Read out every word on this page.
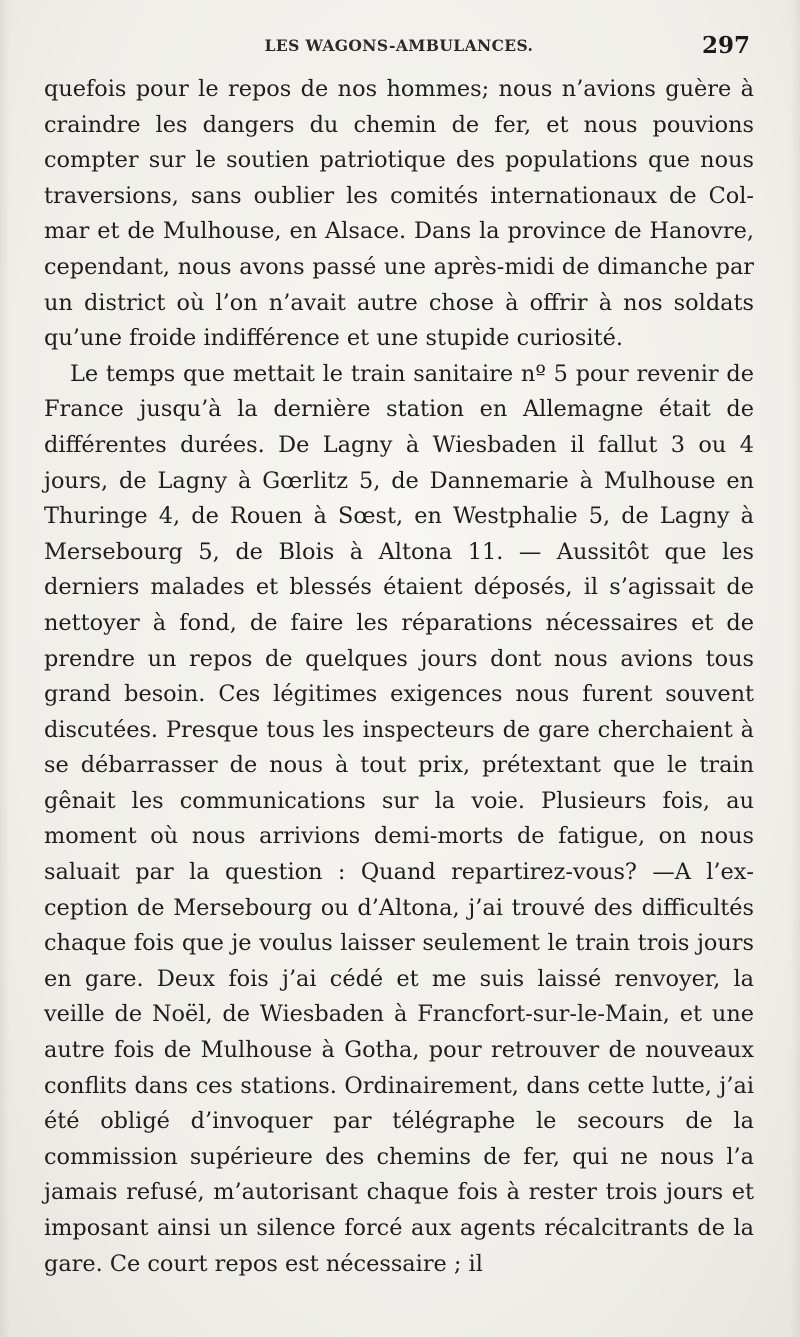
LES WAGONS-AMBULANCES.	297

quefois pour le repos de nos hommes; nous n’avions guère à craindre les dangers du chemin de fer, et nous pouvions compter sur le soutien patriotique des populations que nous traversions, sans oublier les comités internationaux de Colmar et de Mulhouse, en Alsace. Dans la province de Hanovre, cependant, nous avons passé une après-midi de dimanche par un district où l’on n’avait autre chose à offrir à nos soldats qu’une froide indifférence et une stupide curiosité.

Le temps que mettait le train sanitaire nº 5 pour revenir de France jusqu’à la dernière station en Allemagne était de différentes durées. De Lagny à Wiesbaden il fallut 3 ou 4 jours, de Lagny à Gœrlitz 5, de Dannemarie à Mulhouse en Thuringe 4, de Rouen à Sœst, en Westphalie 5, de Lagny à Mersebourg 5, de Blois à Altona 11. — Aussitôt que les derniers malades et blessés étaient déposés, il s’agissait de nettoyer à fond, de faire les réparations nécessaires et de prendre un repos de quelques jours dont nous avions tous grand besoin. Ces légitimes exigences nous furent souvent discutées. Presque tous les inspecteurs de gare cherchaient à se débarrasser de nous à tout prix, prétextant que le train gênait les communications sur la voie. Plusieurs fois, au moment où nous arrivions demi-morts de fatigue, on nous saluait par la question : Quand repartirez-vous? —A l’exception de Mersebourg ou d’Altona, j’ai trouvé des difficultés chaque fois que je voulus laisser seulement le train trois jours en gare. Deux fois j’ai cédé et me suis laissé renvoyer, la veille de Noël, de Wiesbaden à Francfort-sur-le-Main, et une autre fois de Mulhouse à Gotha, pour retrouver de nouveaux conflits dans ces stations. Ordinairement, dans cette lutte, j’ai été obligé d’invoquer par télégraphe le secours de la commission supérieure des chemins de fer, qui ne nous l’a jamais refusé, m’autorisant chaque fois à rester trois jours et imposant ainsi un silence forcé aux agents récalcitrants de la gare. Ce court repos est nécessaire ; il
